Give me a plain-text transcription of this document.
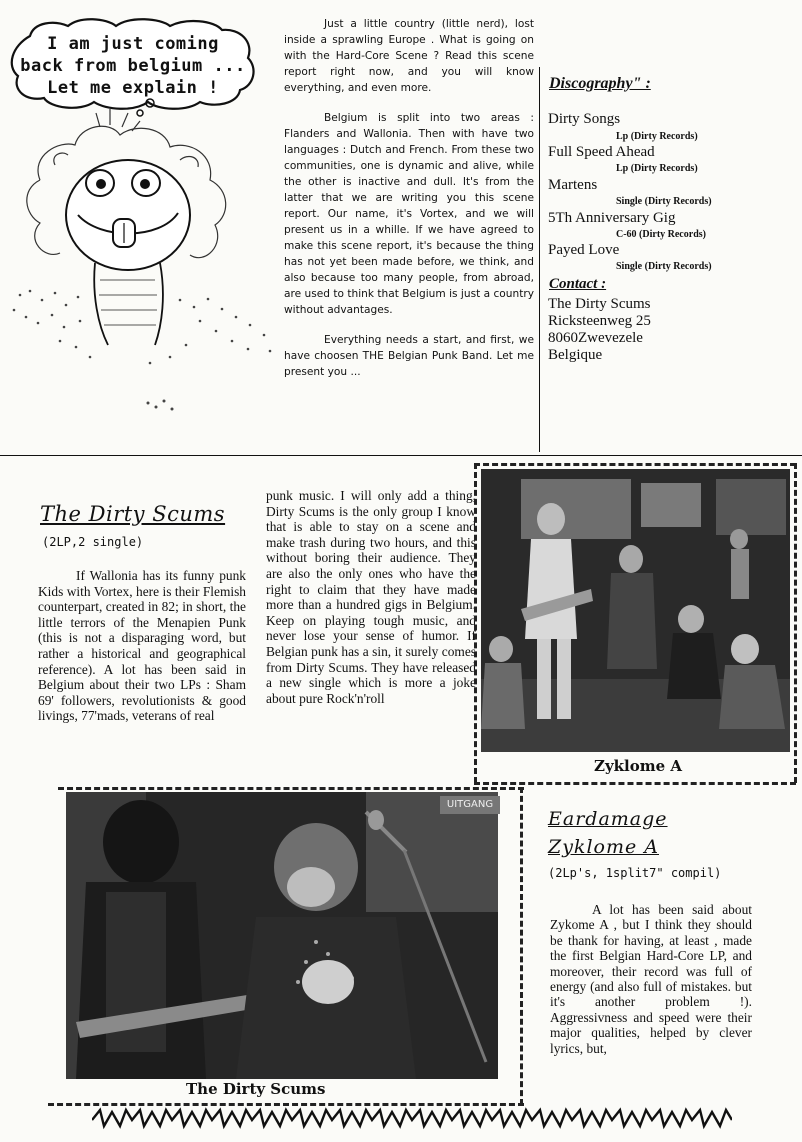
I am just coming
back from belgium ...
Let me explain !

Just a little country (little nerd), lost inside a sprawling Europe . What is going on with the Hard-Core Scene ? Read this scene report right now, and you will know everything, and even more.

Belgium is split into two areas : Flanders and Wallonia. Then with have two languages : Dutch and French. From these two communities, one is dynamic and alive, while the other is inactive and dull. It's from the latter that we are writing you this scene report. Our name, it's Vortex, and we will present us in a whille. If we have agreed to make this scene report, it's because the thing has not yet been made before, we think, and also because too many people, from abroad, are used to think that Belgium is just a country without advantages.

Everything needs a start, and first, we have choosen THE Belgian Punk Band. Let me present you ...

Discography" :
Dirty Songs
Lp (Dirty Records)
Full Speed Ahead
Lp (Dirty Records)
Martens
Single (Dirty Records)
5Th Anniversary Gig
C-60 (Dirty Records)
Payed Love
Single (Dirty Records)
Contact :
The Dirty Scums
Ricksteenweg 25
8060Zwevezele
Belgique
The Dirty Scums
(2LP,2 single)

If Wallonia has its funny punk Kids with Vortex, here is their Flemish counterpart, created in 82; in short, the little terrors of the Menapien Punk (this is not a disparaging word, but rather a historical and geographical reference). A lot has been said in Belgium about their two LPs : Sham 69' followers, revolutionists & good livings, 77'mads, veterans of real

punk music. I will only add a thing, Dirty Scums is the only group I know that is able to stay on a scene and make trash during two hours, and this without boring their audience. They are also the only ones who have the right to claim that they have made more than a hundred gigs in Belgium. Keep on playing tough music, and never lose your sense of humor. If Belgian punk has a sin, it surely comes from Dirty Scums. They have released a new single which is more a joke about pure Rock'n'roll

Zyklome A
UITGANG
The Dirty Scums
Eardamage
Zyklome A
(2Lp's, 1split7" compil)

A lot has been said about Zykome A , but I think they should be thank for having, at least , made the first Belgian Hard-Core LP, and moreover, their record was full of energy (and also full of mistakes. but it's another problem !). Aggressivness and speed were their major qualities, helped by clever lyrics, but,
